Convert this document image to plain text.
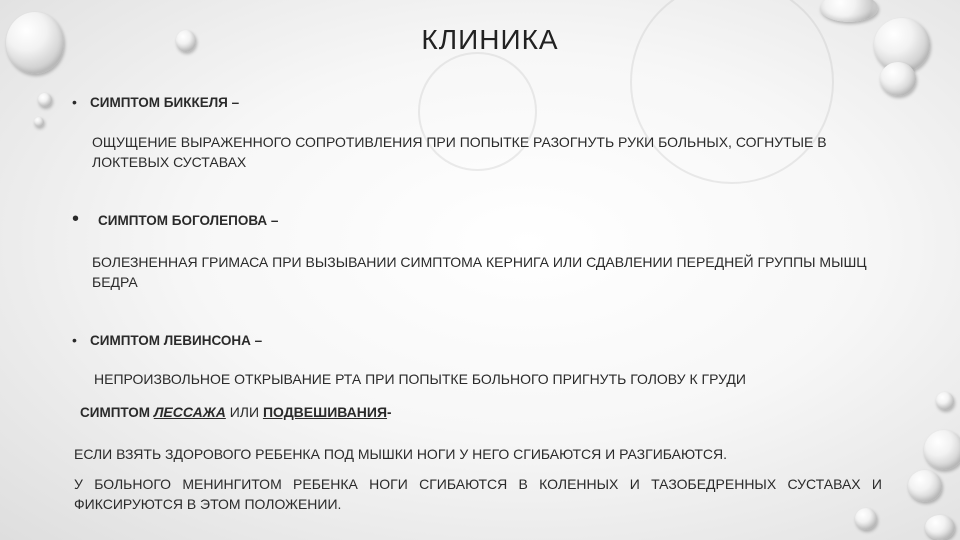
КЛИНИКА
• СИМПТОМ БИККЕЛЯ –
ОЩУЩЕНИЕ ВЫРАЖЕННОГО СОПРОТИВЛЕНИЯ ПРИ ПОПЫТКЕ РАЗОГНУТЬ РУКИ БОЛЬНЫХ, СОГНУТЫЕ В ЛОКТЕВЫХ СУСТАВАХ
• СИМПТОМ БОГОЛЕПОВА –
БОЛЕЗНЕННАЯ ГРИМАСА ПРИ ВЫЗЫВАНИИ СИМПТОМА КЕРНИГА ИЛИ СДАВЛЕНИИ ПЕРЕДНЕЙ ГРУППЫ МЫШЦ БЕДРА
• СИМПТОМ ЛЕВИНСОНА –
НЕПРОИЗВОЛЬНОЕ ОТКРЫВАНИЕ РТА ПРИ ПОПЫТКЕ БОЛЬНОГО ПРИГНУТЬ ГОЛОВУ К ГРУДИ
СИМПТОМ ЛЕССАЖА ИЛИ ПОДВЕШИВАНИЯ-
ЕСЛИ ВЗЯТЬ ЗДОРОВОГО РЕБЕНКА ПОД МЫШКИ НОГИ У НЕГО СГИБАЮТСЯ И РАЗГИБАЮТСЯ.
У БОЛЬНОГО МЕНИНГИТОМ РЕБЕНКА НОГИ СГИБАЮТСЯ В КОЛЕННЫХ И ТАЗОБЕДРЕННЫХ СУСТАВАХ И ФИКСИРУЮТСЯ В ЭТОМ ПОЛОЖЕНИИ.
